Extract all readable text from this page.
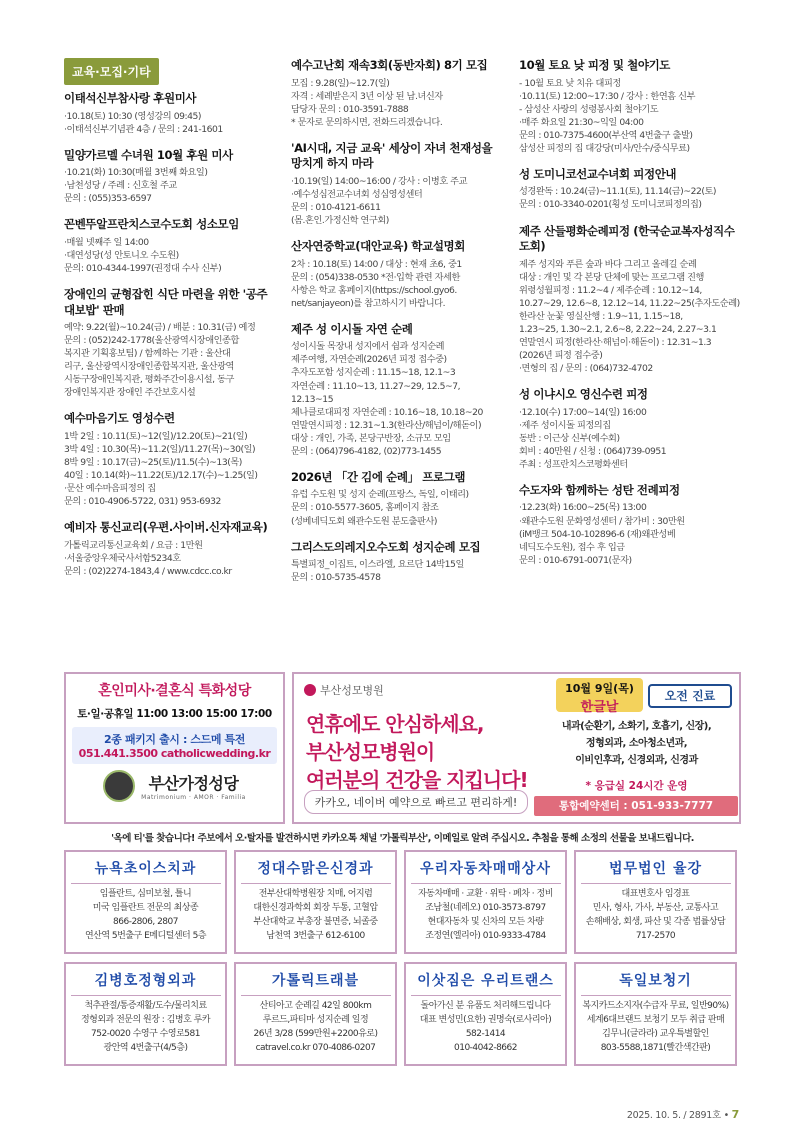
교육·모집·기타
이태석신부참사랑 후원미사

·10.18(토) 10:30 (영성강의 09:45)

·이태석신부기념관 4층 / 문의 : 241-1601

밀양가르멜 수녀원 10월 후원 미사

·10.21(화) 10:30(매월 3번째 화요일)

·남천성당 / 주례 : 신호철 주교

문의 : (055)353-6597

꼰벤뚜알프란치스코수도회 성소모임

·매월 넷째주 일 14:00

·대연성당(성 안토니오 수도원)

문의: 010-4344-1997(권정대 수사 신부)

장애인의 균형잡힌 식단 마련을 위한 '공주 대보밥' 판매

예약: 9.22(월)~10.24(금) / 배분 : 10.31(금) 예정

문의 : (052)242-1778(울산광역시장애인종합

복지관 기획홍보팀) / 함께하는 기관 : 울산대

리구, 울산광역시장애인종합복지관, 울산광역

시동구장애인복지관, 평화주간이용시설, 동구

장애인복지관 장애인 주간보호시설

예수마음기도 영성수련

1박 2일 : 10.11(토)~12(일)/12.20(토)~21(일)

3박 4일 : 10.30(목)~11.2(일)/11.27(목)~30(일)

8박 9일 : 10.17(금)~25(토)/11.5(수)~13(목)

40일 : 10.14(화)~11.22(토)/12.17(수)~1.25(일)

·문산 예수마음피정의 집

문의 : 010-4906-5722, 031) 953-6932

예비자 통신교리(우편.사이버.신자재교육)

가톨릭교리통신교육회 / 요금 : 1만원

·서울중앙우체국사서함5234호

문의 : (02)2274-1843,4 / www.cdcc.co.kr

예수고난회 재속3회(동반자회) 8기 모집

모집 : 9.28(일)~12.7(일)

자격 : 세례받은지 3년 이상 된 남.녀신자

담당자 문의 : 010-3591-7888

* 문자로 문의하시면, 전화드리겠습니다.

'AI시대, 지금 교육' 세상이 자녀 천재성을 망치게 하지 마라

·10.19(일) 14:00~16:00 / 강사 : 이병호 주교

·예수성심전교수녀회 성심영성센터

문의 : 010-4121-6611

(몸.혼인.가정신학 연구회)

산자연중학교(대안교육) 학교설명회

2차 : 10.18(토) 14:00 / 대상 : 현재 초6, 중1

문의 : (054)338-0530 *전·입학 관련 자세한

사항은 학교 홈페이지(https://school.gyo6.

net/sanjayeon)를 참고하시기 바랍니다.

제주 성 이시돌 자연 순례

성이시돌 목장내 성지에서 쉼과 성지순례

제주여행, 자연순례(2026년 피정 접수중)

추자도포함 성지순례 : 11.15~18, 12.1~3

자연순례 : 11.10~13, 11.27~29, 12.5~7, 12.13~15

체나클로대피정 자연순례 : 10.16~18, 10.18~20

연말연시피정 : 12.31~1.3(한라산/해넘이/해돋이)

대상 : 개인, 가족, 본당구반장, 소규모 모임

문의 : (064)796-4182, (02)773-1455

2026년 「간 김에 순례」 프로그램

유럽 수도원 및 성지 순례(프랑스, 독일, 이태리)

문의 : 010-5577-3605, 홈페이지 참조

(성베네딕도회 왜관수도원 분도출판사)

그리스도의레지오수도회 성지순례 모집

특별피정_이집트, 이스라엘, 요르단 14박15일

문의 : 010-5735-4578

10월 토요 낮 피정 및 철야기도

- 10월 토요 낮 치유 대피정

·10.11(토) 12:00~17:30 / 강사 : 한연흠 신부

- 삼성산 사랑의 성령봉사회 철야기도

·매주 화요일 21:30~익일 04:00

문의 : 010-7375-4600(부산역 4번출구 출발)

삼성산 피정의 집 대강당(미사/안수/중식무료)

성 도미니코선교수녀회 피정안내

성경완독 : 10.24(금)~11.1(토), 11.14(금)~22(토)

문의 : 010-3340-0201(횡성 도미니코피정의집)

제주 산들평화순례피정 (한국순교복자성직수도회)

제주 성지와 푸른 숲과 바다 그리고 올레길 순례

대상 : 개인 및 각 본당 단체에 맞는 프로그램 진행

위령성월피정 : 11.2~4 / 제주순례 : 10.12~14,

10.27~29, 12.6~8, 12.12~14, 11.22~25(추자도순례)

한라산 눈꽃 영실산행 : 1.9~11, 1.15~18,

1.23~25, 1.30~2.1, 2.6~8, 2.22~24, 2.27~3.1

연말연시 피정(한라산·해넘이·해돋이) : 12.31~1.3

(2026년 피정 접수중)

·면형의 집 / 문의 : (064)732-4702

성 이냐시오 영신수련 피정

·12.10(수) 17:00~14(일) 16:00

·제주 성이시돌 피정의집

동반 : 이근상 신부(예수회)

회비 : 40만원 / 신청 : (064)739-0951

주최 : 성프란치스코평화센터

수도자와 함께하는 성탄 전례피정

·12.23(화) 16:00~25(목) 13:00

·왜관수도원 문화영성센터 / 참가비 : 30만원

(iM뱅크 504-10-102896-6 (재)왜관성베

네딕도수도원), 접수 후 입금

문의 : 010-6791-0071(문자)

혼인미사·결혼식 특화성당
토·일·공휴일 11:00 13:00 15:00 17:00
2종 패키지 출시 : 스드메 특전
051.441.3500 catholicwedding.kr
부산가정성당
Matrimonium · AMOR · Familia
부산성모병원
연휴에도 안심하세요,
부산성모병원이
여러분의 건강을 지킵니다!
카카오, 네이버 예약으로 빠르고 편리하게!
10월 9일(목)
한글날
오전 진료
내과(순환기, 소화기, 호흡기, 신장),
정형외과, 소아청소년과,
이비인후과, 신경외과, 신경과
* 응급실 24시간 운영
통합예약센터 : 051-933-7777
'옥에 티'를 찾습니다! 주보에서 오·탈자를 발견하시면 카카오톡 채널 '가톨릭부산', 이메일로 알려 주십시오. 추첨을 통해 소정의 선물을 보내드립니다.
뉴욕초이스치과
임플란트, 심미보철, 틀니
미국 임플란트 전문의 최상종
866-2806, 2807
연산역 5번출구 E메디털센터 5층
정대수맑은신경과
전부산대학병원장 치매, 어지럼
대한신경과학회 회장 두통, 고혈압
부산대학교 부총장 불면증, 뇌졸중
남천역 3번출구 612-6100
우리자동차매매상사
자동차매매 · 교환 · 위탁 · 폐차 · 정비
조남철(네레오) 010-3573-8797
현대자동차 및 신차의 모든 차량
조정연(엘리아) 010-9333-4784
법무법인 율강
대표변호사 임경표
민사, 형사, 가사, 부동산, 교통사고
손해배상, 회생, 파산 및 각종 법률상담
717-2570
김병호정형외과
척추관절/통증재활/도수/물리치료
정형외과 전문의 원장 : 김병호 루카
752-0020 수영구 수영로581
광안역 4번출구(4/5층)
가톨릭트래블
산티아고 순례길 42일 800km
루르드,파티마 성지순례 일정
26년 3/28 (599만원+2200유로)
catravel.co.kr 070-4086-0207
이삿짐은 우리트랜스
돌아가신 분 유품도 처리해드립니다
대표 변성민(요한) 권명숙(로사리아)
582-1414
010-4042-8662
독일보청기
복지카드소지자(수급자 무료, 일반90%)
세계6대브랜드 보청기 모두 취급 판매
김무니(글라라) 교우특별할인
803-5588,1871(빨간색간판)
2025. 10. 5. / 2891호 • 7
